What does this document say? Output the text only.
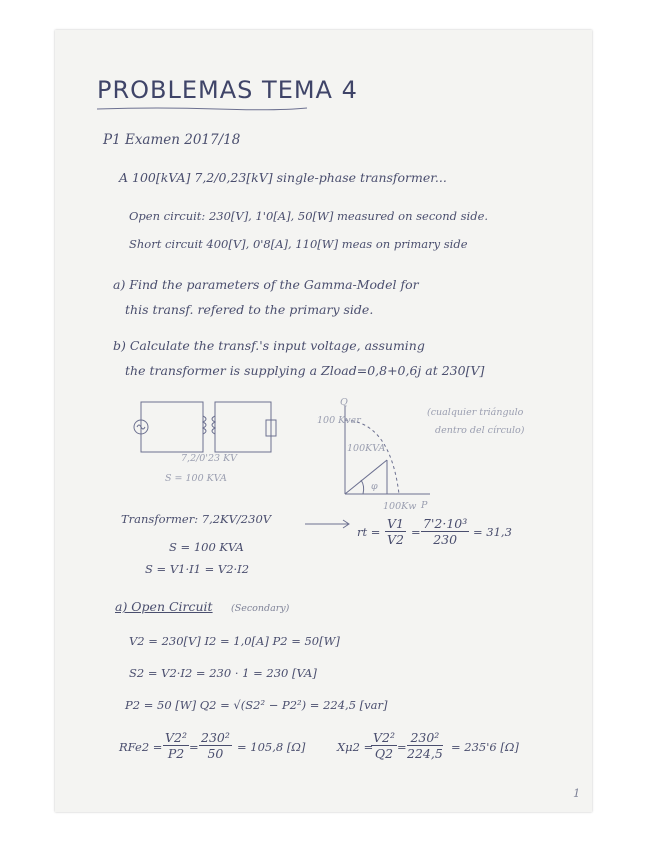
PROBLEMAS TEMA 4
P1 Examen 2017/18
A 100[kVA] 7,2/0,23[kV] single-phase transformer...
Open circuit: 230[V], 1'0[A], 50[W] measured on second side.
Short circuit 400[V], 0'8[A], 110[W] meas on primary side
a) Find the parameters of the Gamma-Model for
this transf. refered to the primary side.
b) Calculate the transf.'s input voltage, assuming
the transformer is supplying a Zload=0,8+0,6j at 230[V]
7,2/0'23 KV
S = 100 KVA
Q
100 Kvar
100KVA
φ
100Kw P
(cualquier triángulo
dentro del círculo)
Transformer: 7,2KV/230V
rt = $\frac{V1}{V2} = \frac{\text{7'2·10³}}{230} = 31,3$
S = 100 KVA
S = V1·I1 = V2·I2
a) Open Circuit (Secondary)
V2 = 230[V] I2 = 1,0[A] P2 = 50[W]
S2 = V2·I2 = 230 · 1 = 230 [VA]
P2 = 50 [W] Q2 = √(S2² − P2²) = 224,5 [var]
$RFe2 = \frac{\text{V2²}}{P2} = \frac{\text{230²}}{50} = 105,8$ [Ω]	Xμ2 =
$\frac{\text{V2²}}{Q2} = \frac{\text{230²}}{224,5} = 235'6$ [Ω]
1
